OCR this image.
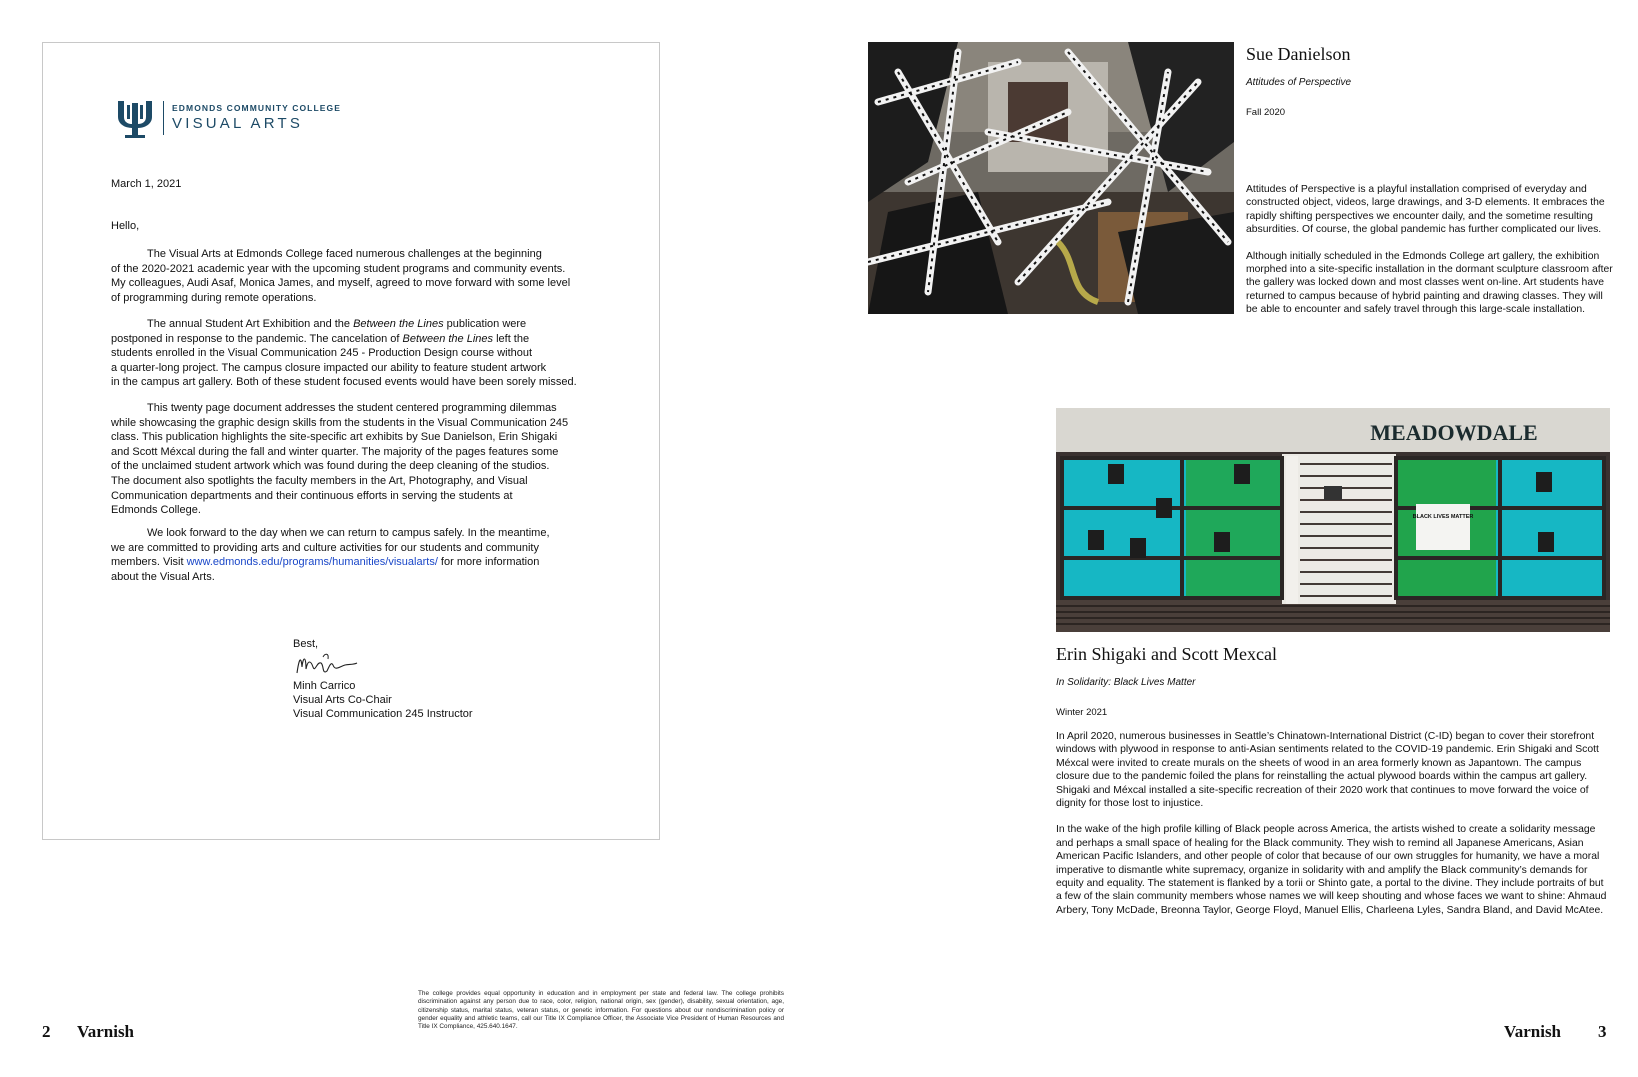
EDMONDS COMMUNITY COLLEGE
VISUAL ARTS
March 1, 2021
Hello,

The Visual Arts at Edmonds College faced numerous challenges at the beginning

of the 2020-2021 academic year with the upcoming student programs and community events.

My colleagues, Audi Asaf, Monica James, and myself, agreed to move forward with some level

of programming during remote operations.

The annual Student Art Exhibition and the Between the Lines publication were

postponed in response to the pandemic. The cancelation of Between the Lines left the

students enrolled in the Visual Communication 245 - Production Design course without

a quarter-long project. The campus closure impacted our ability to feature student artwork

in the campus art gallery. Both of these student focused events would have been sorely missed.

This twenty page document addresses the student centered programming dilemmas

while showcasing the graphic design skills from the students in the Visual Communication 245

class. This publication highlights the site-specific art exhibits by Sue Danielson, Erin Shigaki

and Scott Méxcal during the fall and winter quarter. The majority of the pages features some

of the unclaimed student artwork which was found during the deep cleaning of the studios.

The document also spotlights the faculty members in the Art, Photography, and Visual

Communication departments and their continuous efforts in serving the students at

Edmonds College.

We look forward to the day when we can return to campus safely. In the meantime,

we are committed to providing arts and culture activities for our students and community

members. Visit www.edmonds.edu/programs/humanities/visualarts/ for more information

about the Visual Arts.

Best,
Minh Carrico
Visual Arts Co-Chair
Visual Communication 245 Instructor
2 Varnish
The college provides equal opportunity in education and in employment per state and federal law. The college prohibits discrimination against any person due to race, color, religion, national origin, sex (gender), disability, sexual orientation, age, citizenship status, marital status, veteran status, or genetic information. For questions about our nondiscrimination policy or gender equality and athletic teams, call our Title IX Compliance Officer, the Associate Vice President of Human Resources and Title IX Compliance, 425.640.1647.	Varnish 3
Sue Danielson
Attitudes of Perspective
Fall 2020

Attitudes of Perspective is a playful installation comprised of everyday and constructed object, videos, large drawings, and 3-D elements. It embraces the rapidly shifting perspectives we encounter daily, and the sometime resulting absurdities. Of course, the global pandemic has further complicated our lives.

Although initially scheduled in the Edmonds College art gallery, the exhibition morphed into a site-specific installation in the dormant sculpture classroom after the gallery was locked down and most classes went on-line. Art students have returned to campus because of hybrid painting and drawing classes. They will be able to encounter and safely travel through this large-scale installation.

MEADOWDALE
BLACK LIVES MATTER
Erin Shigaki and Scott Mexcal
In Solidarity: Black Lives Matter
Winter 2021

In April 2020, numerous businesses in Seattle’s Chinatown-International District (C-ID) began to cover their storefront windows with plywood in response to anti-Asian sentiments related to the COVID-19 pandemic. Erin Shigaki and Scott Méxcal were invited to create murals on the sheets of wood in an area formerly known as Japantown. The campus closure due to the pandemic foiled the plans for reinstalling the actual plywood boards within the campus art gallery. Shigaki and Méxcal installed a site-specific recreation of their 2020 work that continues to move forward the voice of dignity for those lost to injustice.

In the wake of the high profile killing of Black people across America, the artists wished to create a solidarity message and perhaps a small space of healing for the Black community. They wish to remind all Japanese Americans, Asian American Pacific Islanders, and other people of color that because of our own struggles for humanity, we have a moral imperative to dismantle white supremacy, organize in solidarity with and amplify the Black community’s demands for equity and equality. The statement is flanked by a torii or Shinto gate, a portal to the divine. They include portraits of but a few of the slain community members whose names we will keep shouting and whose faces we want to shine: Ahmaud Arbery, Tony McDade, Breonna Taylor, George Floyd, Manuel Ellis, Charleena Lyles, Sandra Bland, and David McAtee.
